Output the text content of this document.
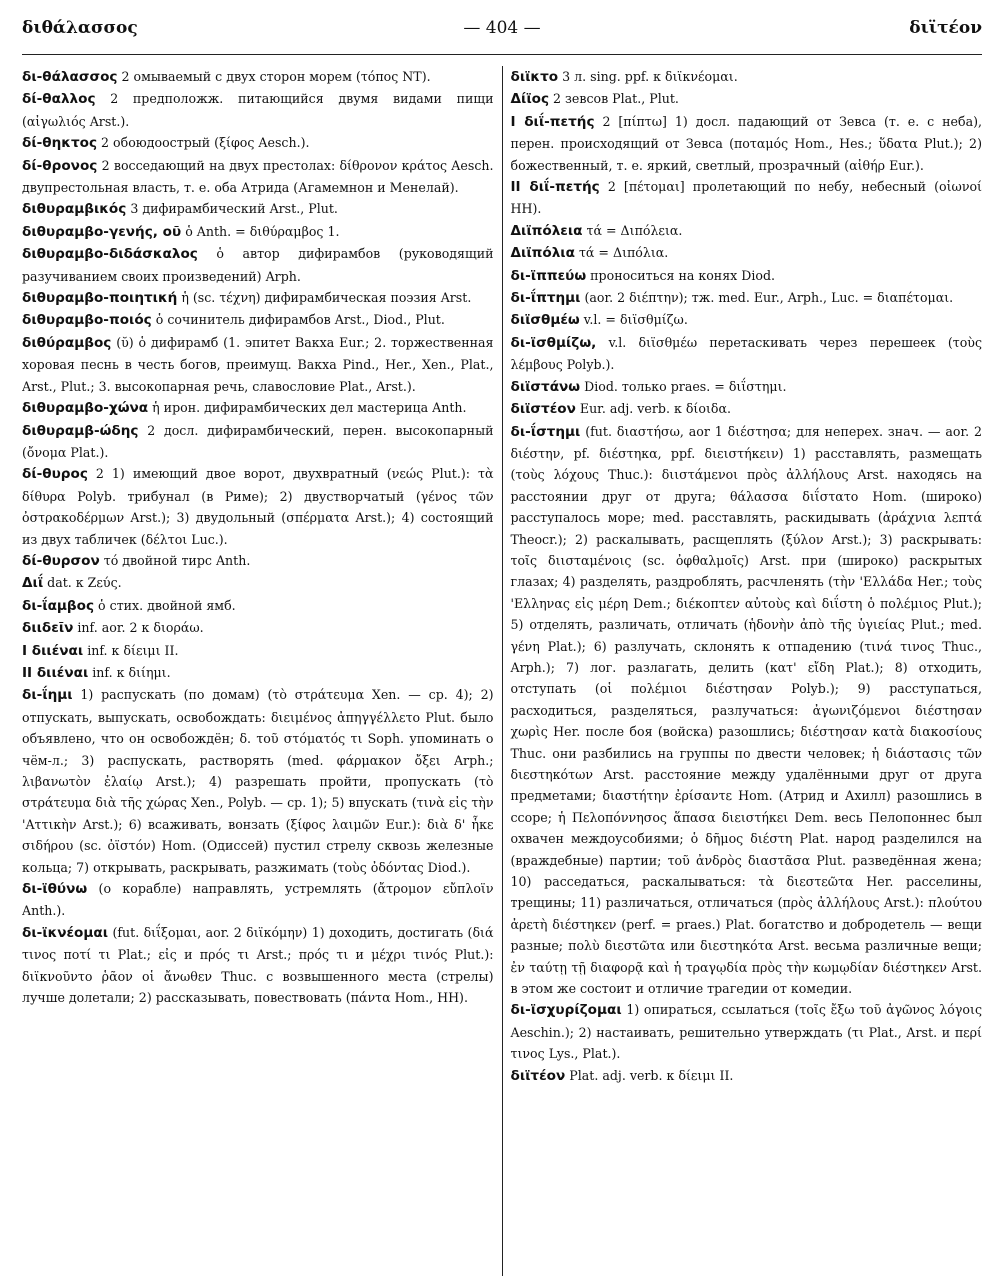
διθάλασσος	— 404 —	διϊτέον

δι-θάλασσος 2 омываемый с двух сторон морем (τόπος NT).

δί-θαλλος 2 предположж. питающийся двумя видами пищи (αἰγωλιός Arst.).

δί-θηκτος 2 обоюдоострый (ξίφος Aesch.).

δί-θρονος 2 восседающий на двух престолах: δίθρονον κράτος Aesch. двупрестольная власть, т. е. оба Атрида (Агамемнон и Менелай).

διθυραμβικός 3 дифирамбический Arst., Plut.

διθυραμβο-γενής, οῦ ὁ Anth. = διθύραμβος 1.

διθυραμβο-διδάσκαλος ὁ автор дифирамбов (руководящий разучиванием своих произведений) Arph.

διθυραμβο-ποιητική ἡ (sc. τέχνη) дифирамбическая поэзия Arst.

διθυραμβο-ποιός ὁ сочинитель дифирамбов Arst., Diod., Plut.

διθύραμβος (ῠ) ὁ дифирамб (1. эпитет Вакха Eur.; 2. торжественная хоровая песнь в честь богов, преимущ. Вакха Pind., Her., Xen., Plat., Arst., Plut.; 3. высокопарная речь, славословие Plat., Arst.).

διθυραμβο-χώνα ἡ ирон. дифирамбических дел мастерица Anth.

διθυραμβ-ώδης 2 досл. дифирамбический, перен. высокопарный (ὄνομα Plat.).

δί-θυρος 2 1) имеющий двое ворот, двухвратный (νεώς Plut.): τὰ δίθυρα Polyb. трибунал (в Риме); 2) двустворчатый (γένος τῶν ὀστρακοδέρμων Arst.); 3) двудольный (σπέρματα Arst.); 4) состоящий из двух табличек (δέλτοι Luc.).

δί-θυρσον τό двойной тирс Anth.

Διΐ dat. к Ζεύς.

δι-ΐαμβος ὁ стих. двойной ямб.

διιδεῖν inf. aor. 2 к διοράω.

I διιέναι inf. к δίειμι II.

II διιέναι inf. к διίημι.

δι-ΐημι 1) распускать (по домам) (τὸ στράτευμα Xen. — ср. 4); 2) отпускать, выпускать, освобождать: διειμένος ἀπηγγέλλετο Plut. было объявлено, что он освобождён; δ. τοῦ στόματός τι Soph. упоминать о чём-л.; 3) распускать, растворять (med. φάρμακον ὄξει Arph.; λιβανωτὸν ἐλαίῳ Arst.); 4) разрешать пройти, пропускать (τὸ στράτευμα διὰ τῆς χώρας Xen., Polyb. — ср. 1); 5) впускать (τινὰ εἰς τὴν 'Αττικὴν Arst.); 6) всаживать, вонзать (ξίφος λαιμῶν Eur.): διὰ δ' ἧκε σιδήρου (sc. ὀϊστόν) Hom. (Одиссей) пустил стрелу сквозь железные кольца; 7) открывать, раскрывать, разжимать (τοὺς ὀδόντας Diod.).

δι-ϊθύνω (о корабле) направлять, устремлять (ἄτρομον εὔπλοϊν Anth.).

δι-ϊκνέομαι (fut. διΐξομαι, aor. 2 διϊκόμην) 1) доходить, достигать (διά τινος ποτί τι Plat.; εἰς и πρός τι Arst.; πρός τι и μέχρι τινός Plut.): διϊκνοῦντο ῥᾶον οἱ ἄνωθεν Thuc. с возвышенного места (стрелы) лучше долетали; 2) рассказывать, повествовать (πάντα Hom., HH).

διϊκτο 3 л. sing. ppf. к διϊκνέομαι.

Δίϊος 2 зевсов Plat., Plut.

I διΐ-πετής 2 [πίπτω] 1) досл. падающий от Зевса (т. е. с неба), перен. происходящий от Зевса (ποταμός Hom., Hes.; ὕδατα Plut.); 2) божественный, т. е. яркий, светлый, прозрачный (αἰθήρ Eur.).

II διΐ-πετής 2 [πέτομαι] пролетающий по небу, небесный (οἰωνοί HH).

Διϊπόλεια τά = Διπόλεια.

Διϊπόλια τά = Διπόλια.

δι-ϊππεύω проноситься на конях Diod.

δι-ΐπτημι (aor. 2 διέπτην); тж. med. Eur., Arph., Luc. = διαπέτομαι.

διϊσθμέω v.l. = διϊσθμίζω.

δι-ϊσθμίζω, v.l. διϊσθμέω перетаскивать через перешеек (τοὺς λέμβους Polyb.).

διϊστάνω Diod. только praes. = διΐστημι.

διϊστέον Eur. adj. verb. к δίοιδα.

δι-ΐστημι (fut. διαστήσω, aor 1 διέστησα; для неперех. знач. — aor. 2 διέστην, pf. διέστηκα, ppf. διειστήκειν) 1) расставлять, размещать (τοὺς λόχους Thuc.): διιστάμενοι πρὸς ἀλλήλους Arst. находясь на расстоянии друг от друга; θάλασσα διΐστατο Hom. (широко) расступалось море; med. расставлять, раскидывать (ἀράχνια λεπτά Theocr.); 2) раскалывать, расщеплять (ξύλον Arst.); 3) раскрывать: τοῖς διισταμένοις (sc. ὀφθαλμοῖς) Arst. при (широко) раскрытых глазах; 4) разделять, раздроблять, расчленять (τὴν 'Ελλάδα Her.; τοὺς 'Ελληνας εἰς μέρη Dem.; διέκοπτεν αὐτοὺς καὶ διΐστη ὁ πολέμιος Plut.); 5) отделять, различать, отличать (ἡδονὴν ἀπὸ τῆς ὑγιείας Plut.; med. γένη Plat.); 6) разлучать, склонять к отпадению (τινά τινος Thuc., Arph.); 7) лог. разлагать, делить (κατ' εἴδη Plat.); 8) отходить, отступать (οἱ πολέμιοι διέστησαν Polyb.); 9) расступаться, расходиться, разделяться, разлучаться: ἀγωνιζόμενοι διέστησαν χωρὶς Her. после боя (войска) разошлись; διέστησαν κατὰ διακοσίους Thuc. они разбились на группы по двести человек; ἡ διάστασις τῶν διεστηκότων Arst. расстояние между удалёнными друг от друга предметами; διαστήτην ἐρίσαντε Hom. (Атрид и Ахилл) разошлись в ссоре; ἡ Πελοπόννησος ἅπασα διειστήκει Dem. весь Пелопоннес был охвачен междоусобиями; ὁ δῆμος διέστη Plat. народ разделился на (враждебные) партии; τοῦ ἀνδρὸς διαστᾶσα Plut. разведённая жена; 10) расседаться, раскалываться: τὰ διεστεῶτα Her. расселины, трещины; 11) различаться, отличаться (πρὸς ἀλλήλους Arst.): πλούτου ἀρετὴ διέστηκεν (perf. = praes.) Plat. богатство и добродетель — вещи разные; πολὺ διεστῶτα или διεστηκότα Arst. весьма различные вещи; ἐν ταύτῃ τῇ διαφορᾷ καὶ ἡ τραγῳδία πρὸς τὴν κωμῳδίαν διέστηκεν Arst. в этом же состоит и отличие трагедии от комедии.

δι-ϊσχυρίζομαι 1) опираться, ссылаться (τοῖς ἔξω τοῦ ἀγῶνος λόγοις Aeschin.); 2) настаивать, решительно утверждать (τι Plat., Arst. и περί τινος Lys., Plat.).

διϊτέον Plat. adj. verb. к δίειμι II.
